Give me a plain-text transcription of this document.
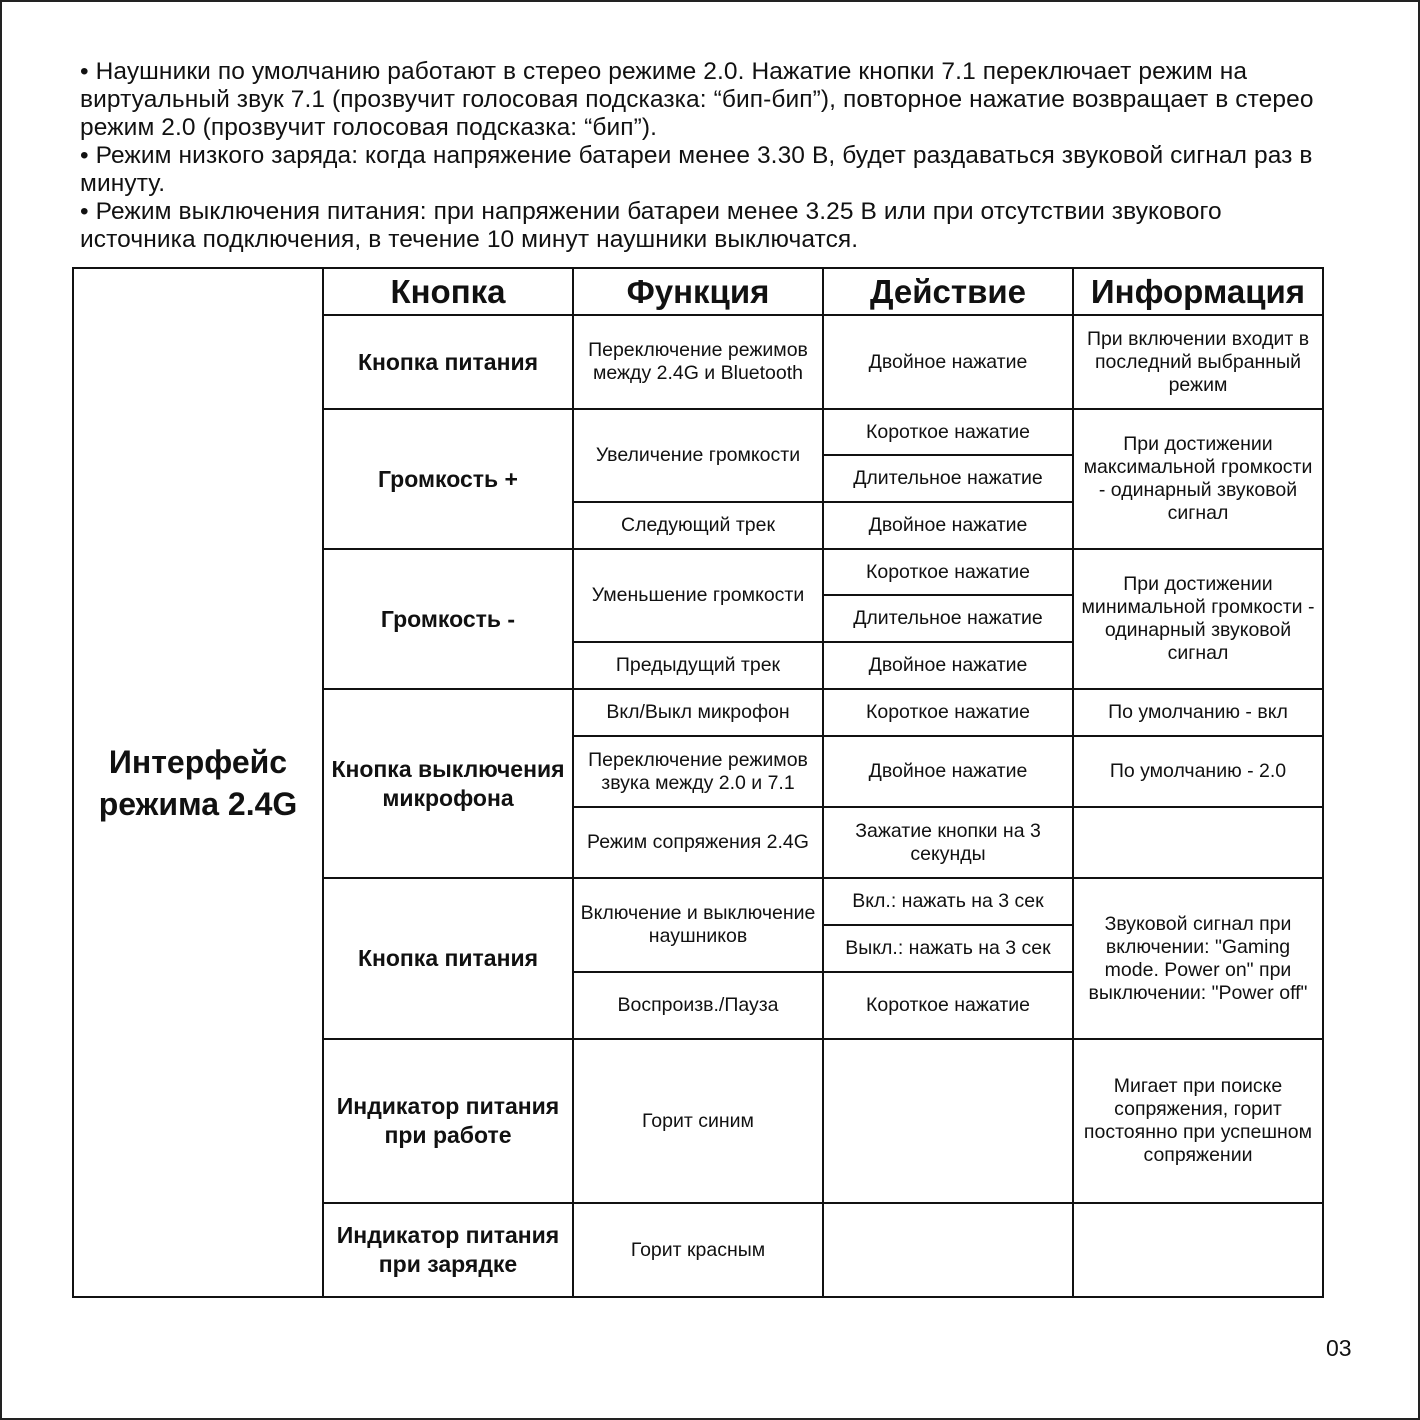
• Наушники по умолчанию работают в стерео режиме 2.0. Нажатие кнопки 7.1 переключает режим на виртуальный звук 7.1 (прозвучит голосовая подсказка: “бип-бип”), повторное нажатие возвращает в стерео режим 2.0 (прозвучит голосовая подсказка: “бип”).

• Режим низкого заряда: когда напряжение батареи менее 3.30 В, будет раздаваться звуковой сигнал раз в минуту.

• Режим выключения питания: при напряжении батареи менее 3.25 В или при отсутствии звукового источника подключения, в течение 10 минут наушники выключатся.

Интерфейс режима 2.4G	Кнопка	Функция	Действие	Информация
	Кнопка питания	Переключение режимов между 2.4G и Bluetooth	Двойное нажатие	При включении входит в последний выбранный режим
	Громкость +	Увеличение громкости	Короткое нажатие	При достижении максимальной громкости - одинарный звуковой сигнал
			Длительное нажатие	
		Следующий трек	Двойное нажатие	
	Громкость -	Уменьшение громкости	Короткое нажатие	При достижении минимальной громкости - одинарный звуковой сигнал
			Длительное нажатие	
		Предыдущий трек	Двойное нажатие	
	Кнопка выключения микрофона	Вкл/Выкл микрофон	Короткое нажатие	По умолчанию - вкл
		Переключение режимов звука между 2.0 и 7.1	Двойное нажатие	По умолчанию - 2.0
		Режим сопряжения 2.4G	Зажатие кнопки на 3 секунды	
	Кнопка питания	Включение и выключение наушников	Вкл.: нажать на 3 сек	Звуковой сигнал при включении: "Gaming mode. Power on" при выключении: "Power off"
			Выкл.: нажать на 3 сек	
		Воспроизв./Пауза	Короткое нажатие	
	Индикатор питания при работе	Горит синим		Мигает при поиске сопряжения, горит постоянно при успешном сопряжении
	Индикатор питания при зарядке	Горит красным		
03
